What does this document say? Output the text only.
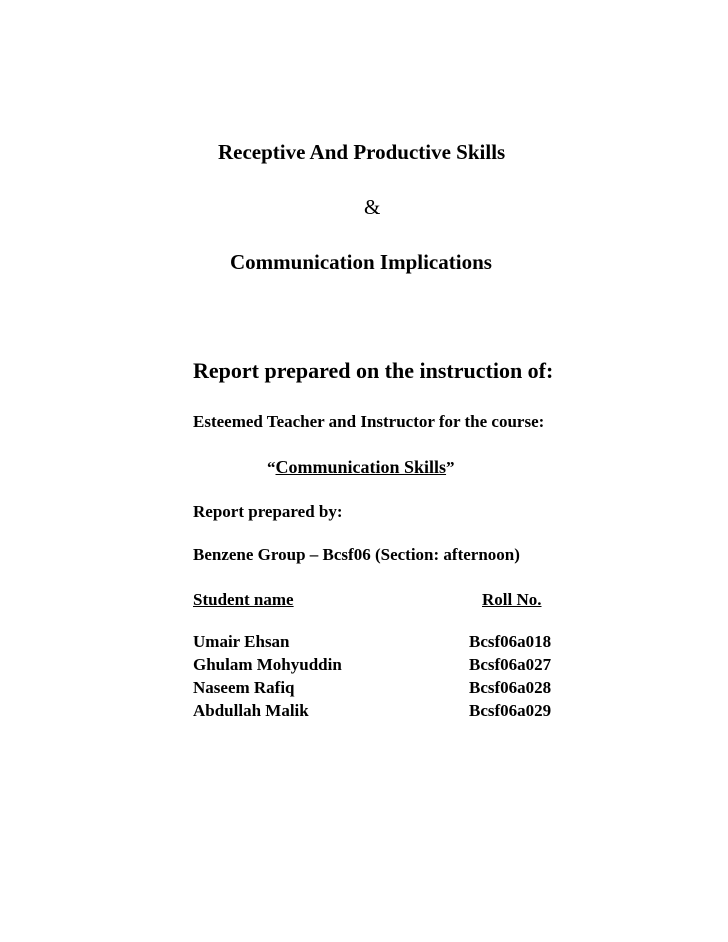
Receptive And Productive Skills
&
Communication Implications
Report prepared on the instruction of:
Esteemed Teacher and Instructor for the course:
“Communication Skills”
Report prepared by:
Benzene Group – Bcsf06 (Section: afternoon)
Student name	Roll No.
Umair Ehsan	Bcsf06a018
Ghulam Mohyuddin	Bcsf06a027
Naseem Rafiq	Bcsf06a028
Abdullah Malik	Bcsf06a029
